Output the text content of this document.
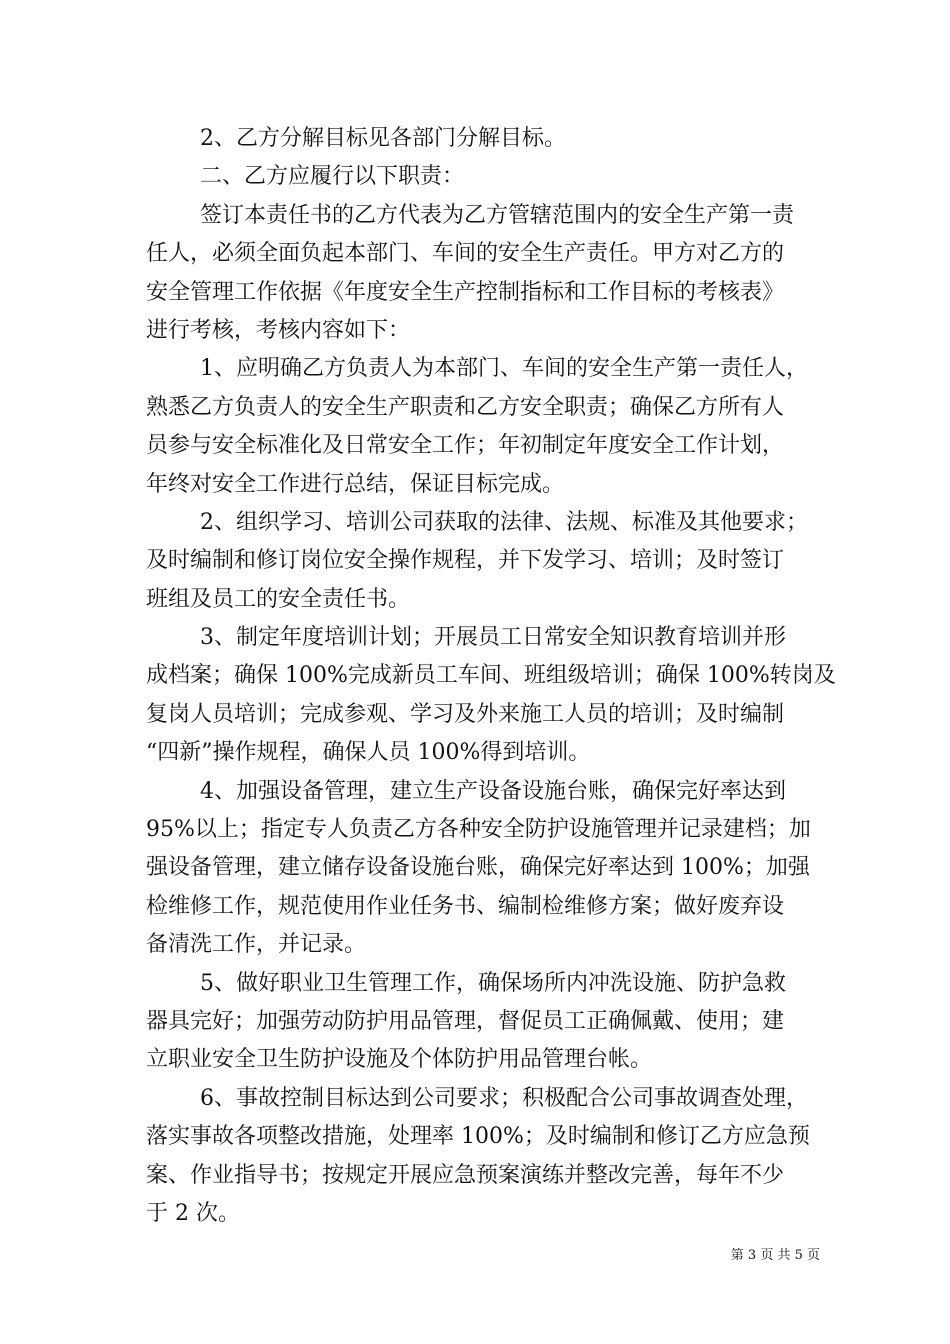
2、乙方分解目标见各部门分解目标。
二、乙方应履行以下职责：
签订本责任书的乙方代表为乙方管辖范围内的安全生产第一责
任人，必须全面负起本部门、车间的安全生产责任。甲方对乙方的
安全管理工作依据《年度安全生产控制指标和工作目标的考核表》
进行考核，考核内容如下：
1、应明确乙方负责人为本部门、车间的安全生产第一责任人，
熟悉乙方负责人的安全生产职责和乙方安全职责；确保乙方所有人
员参与安全标准化及日常安全工作；年初制定年度安全工作计划，
年终对安全工作进行总结，保证目标完成。
2、组织学习、培训公司获取的法律、法规、标准及其他要求；
及时编制和修订岗位安全操作规程，并下发学习、培训；及时签订
班组及员工的安全责任书。
3、制定年度培训计划；开展员工日常安全知识教育培训并形
成档案；确保 100%完成新员工车间、班组级培训；确保 100%转岗及
复岗人员培训；完成参观、学习及外来施工人员的培训；及时编制
“四新”操作规程，确保人员 100%得到培训。
4、加强设备管理，建立生产设备设施台账，确保完好率达到
95%以上；指定专人负责乙方各种安全防护设施管理并记录建档；加
强设备管理，建立储存设备设施台账，确保完好率达到 100%；加强
检维修工作，规范使用作业任务书、编制检维修方案；做好废弃设
备清洗工作，并记录。
5、做好职业卫生管理工作，确保场所内冲洗设施、防护急救
器具完好；加强劳动防护用品管理，督促员工正确佩戴、使用；建
立职业安全卫生防护设施及个体防护用品管理台帐。
6、事故控制目标达到公司要求；积极配合公司事故调查处理，
落实事故各项整改措施，处理率 100%；及时编制和修订乙方应急预
案、作业指导书；按规定开展应急预案演练并整改完善，每年不少
于 2 次。
第 3 页 共 5 页
